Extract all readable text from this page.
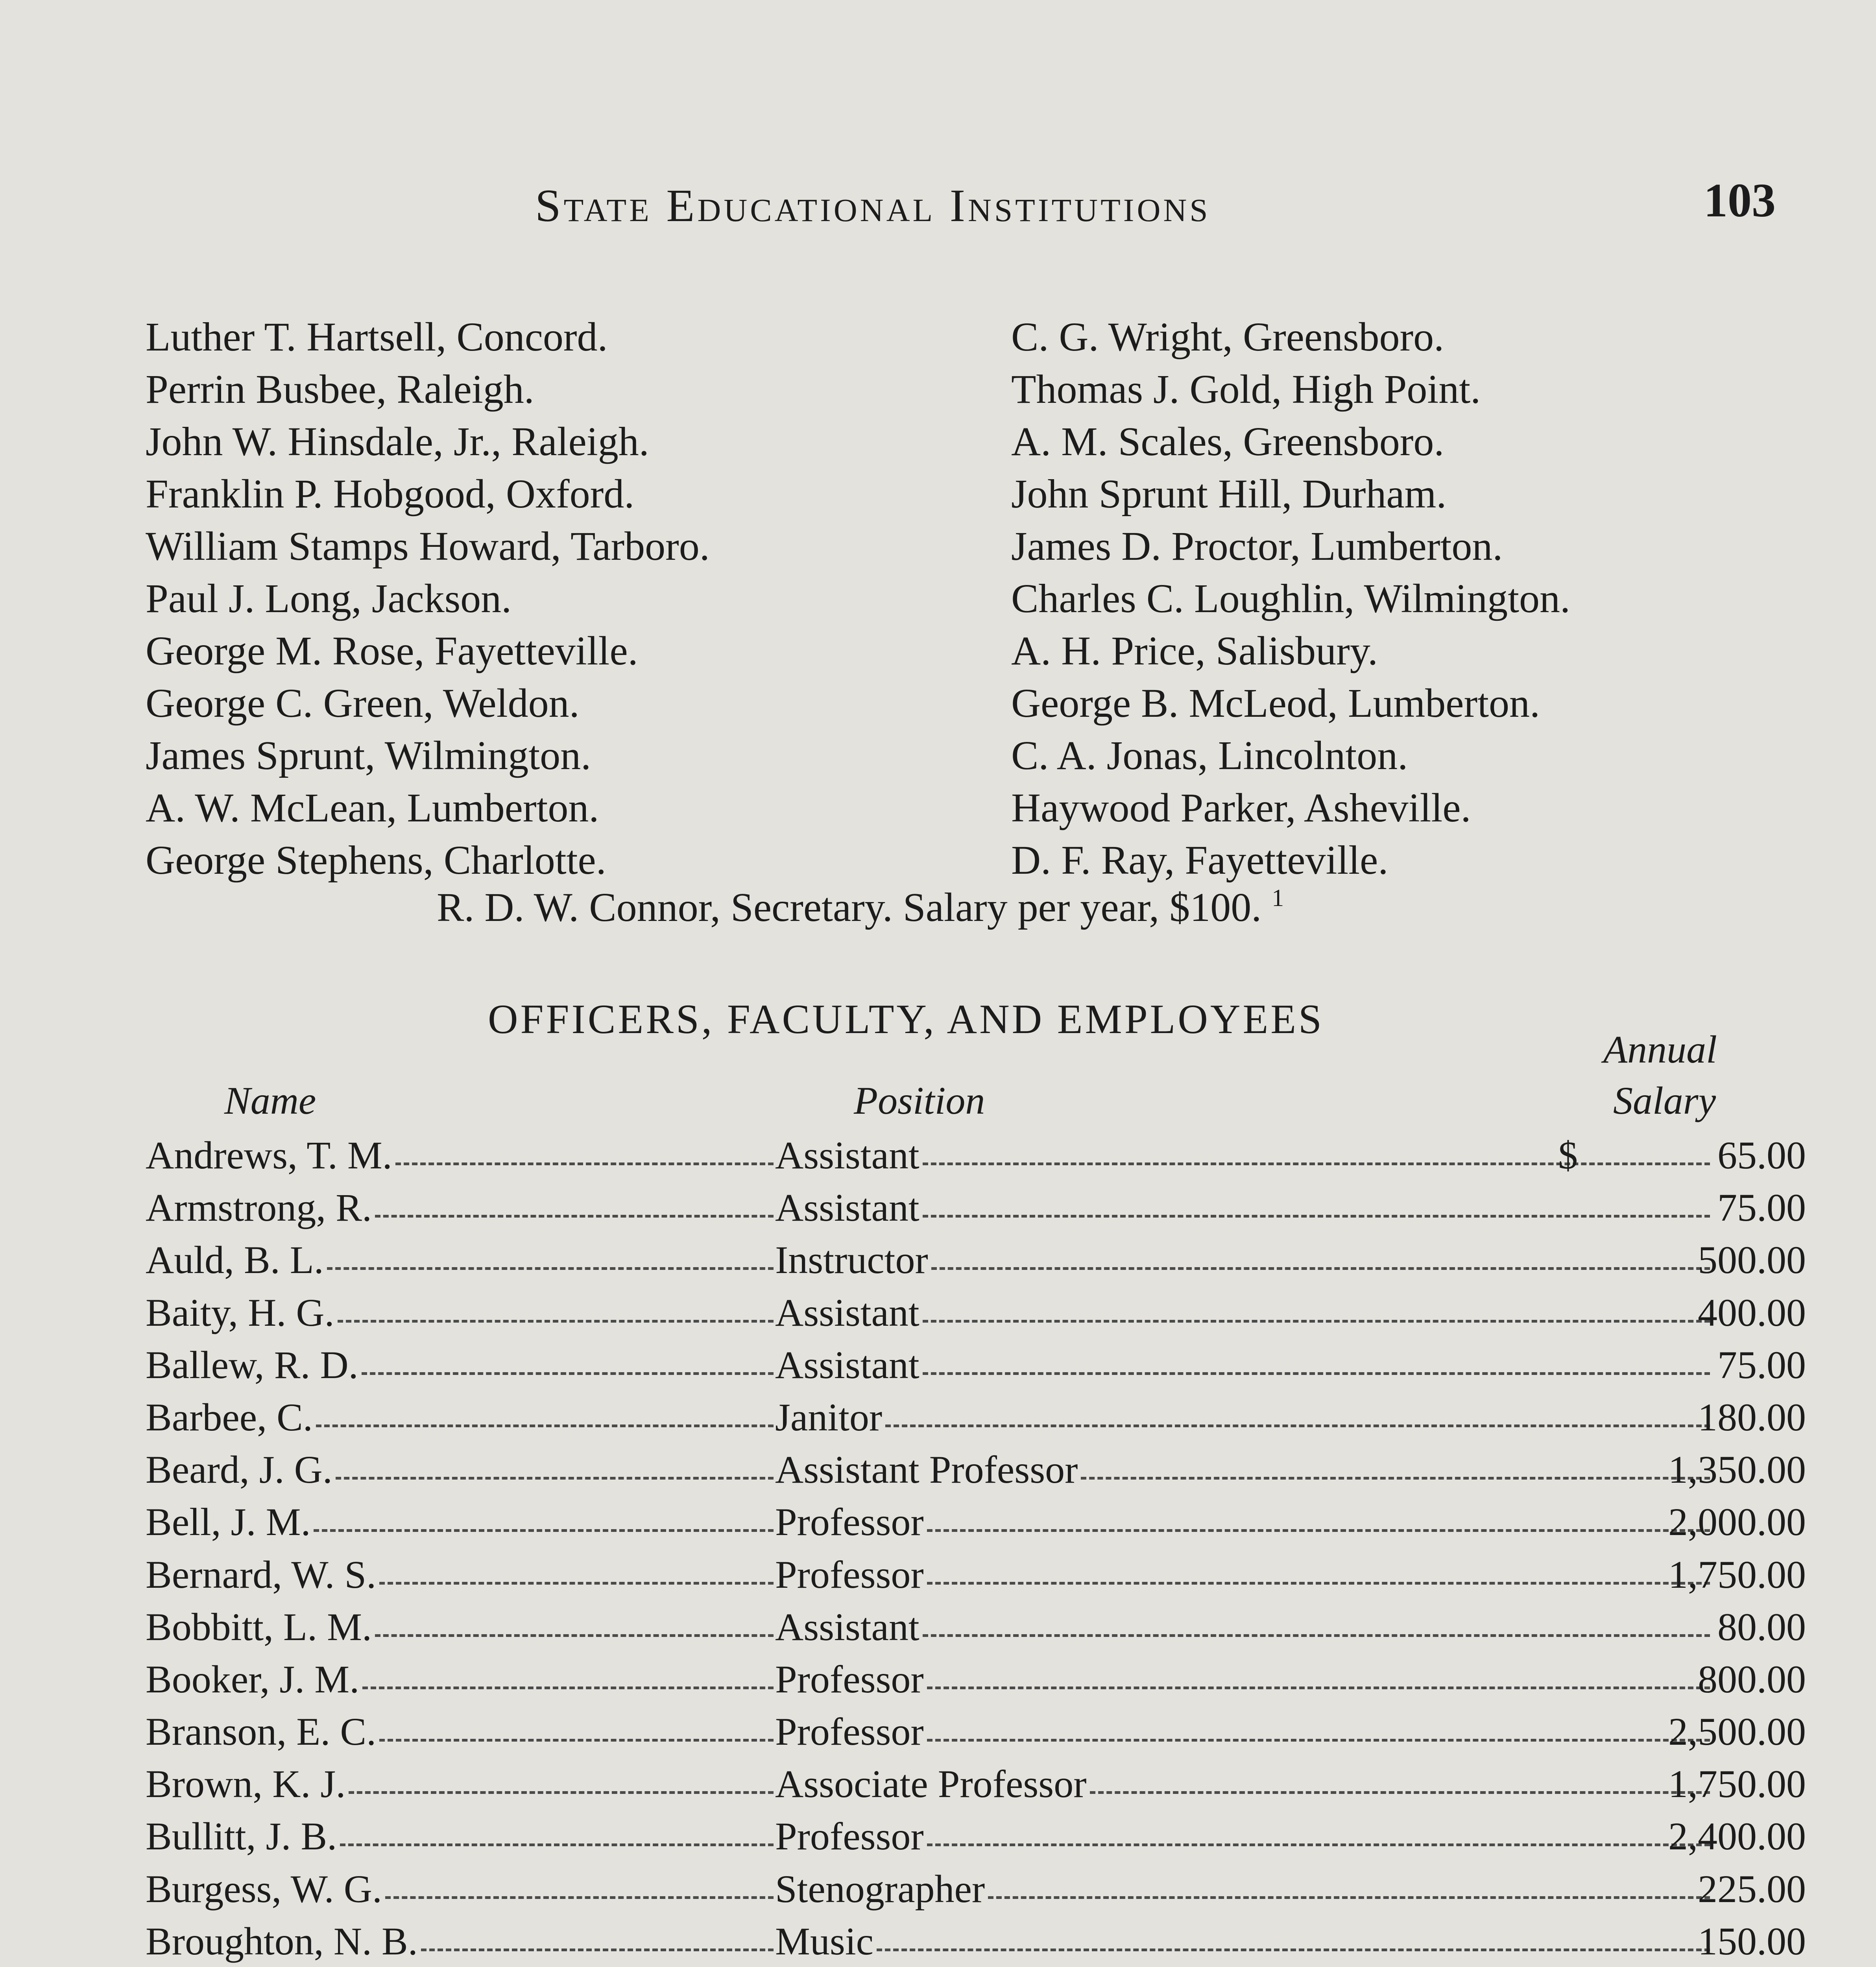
State Educational Institutions	103
Luther T. Hartsell, Concord.
Perrin Busbee, Raleigh.
John W. Hinsdale, Jr., Raleigh.
Franklin P. Hobgood, Oxford.
William Stamps Howard, Tarboro.
Paul J. Long, Jackson.
George M. Rose, Fayetteville.
George C. Green, Weldon.
James Sprunt, Wilmington.
A. W. McLean, Lumberton.
George Stephens, Charlotte.
C. G. Wright, Greensboro.
Thomas J. Gold, High Point.
A. M. Scales, Greensboro.
John Sprunt Hill, Durham.
James D. Proctor, Lumberton.
Charles C. Loughlin, Wilmington.
A. H. Price, Salisbury.
George B. McLeod, Lumberton.
C. A. Jonas, Lincolnton.
Haywood Parker, Asheville.
D. F. Ray, Fayetteville.
R. D. W. Connor, Secretary. Salary per year, $100. $^1$
OFFICERS, FACULTY, AND EMPLOYEES
Annual
Name	Position	Salary
Andrews, T. M.	Assistant	$	65.00
Armstrong, R.	Assistant	75.00
Auld, B. L.	Instructor	500.00
Baity, H. G.	Assistant	400.00
Ballew, R. D.	Assistant	75.00
Barbee, C.	Janitor	180.00
Beard, J. G.	Assistant Professor	1,350.00
Bell, J. M.	Professor	2,000.00
Bernard, W. S.	Professor	1,750.00
Bobbitt, L. M.	Assistant	80.00
Booker, J. M.	Professor	800.00
Branson, E. C.	Professor	2,500.00
Brown, K. J.	Associate Professor	1,750.00
Bullitt, J. B.	Professor	2,400.00
Burgess, W. G.	Stenographer	225.00
Broughton, N. B.	Music	150.00
